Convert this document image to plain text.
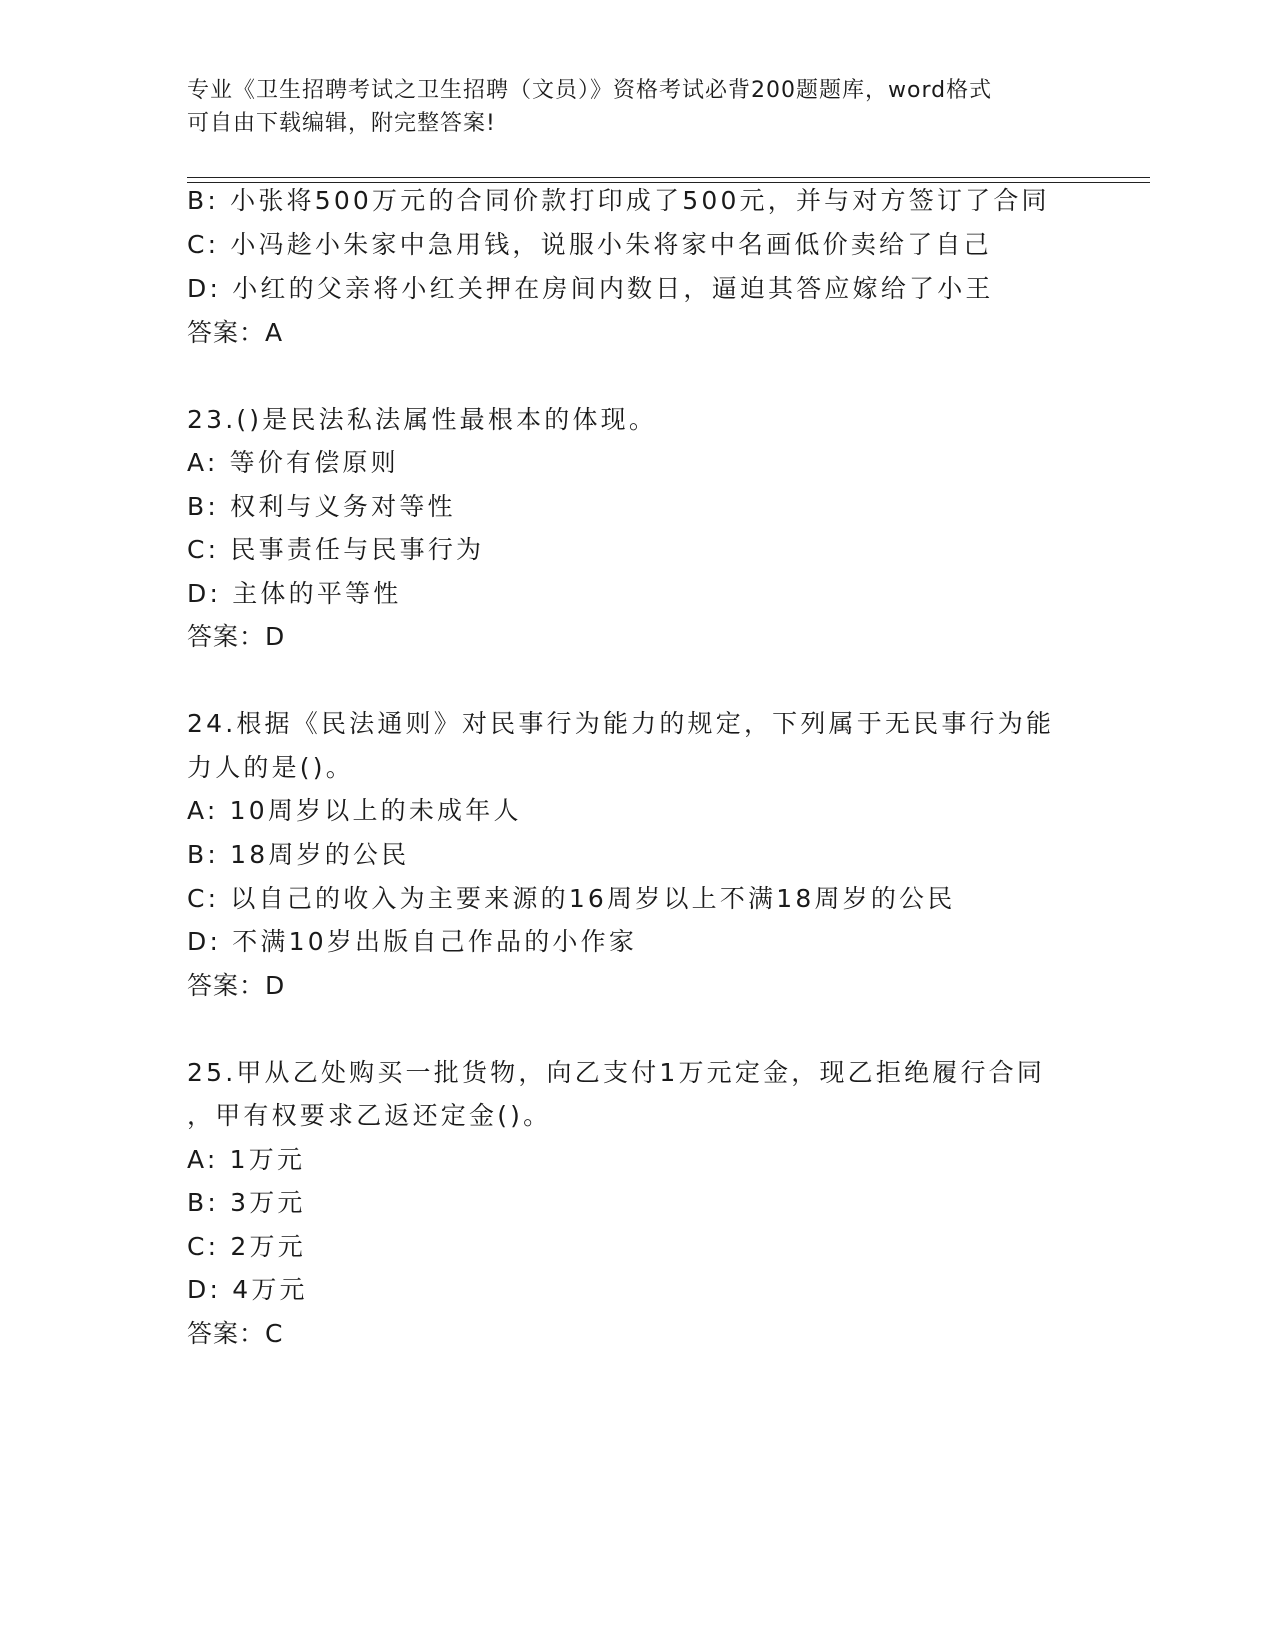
专业《卫生招聘考试之卫生招聘（文员）》资格考试必背200题题库，word格式
可自由下载编辑，附完整答案!
B: 小张将500万元的合同价款打印成了500元，并与对方签订了合同
C: 小冯趁小朱家中急用钱，说服小朱将家中名画低价卖给了自己
D: 小红的父亲将小红关押在房间内数日，逼迫其答应嫁给了小王
答案：A
23.()是民法私法属性最根本的体现。
A: 等价有偿原则
B: 权利与义务对等性
C: 民事责任与民事行为
D: 主体的平等性
答案：D
24.根据《民法通则》对民事行为能力的规定，下列属于无民事行为能
力人的是()。
A: 10周岁以上的未成年人
B: 18周岁的公民
C: 以自己的收入为主要来源的16周岁以上不满18周岁的公民
D: 不满10岁出版自己作品的小作家
答案：D
25.甲从乙处购买一批货物，向乙支付1万元定金，现乙拒绝履行合同
，甲有权要求乙返还定金()。
A: 1万元
B: 3万元
C: 2万元
D: 4万元
答案：C
